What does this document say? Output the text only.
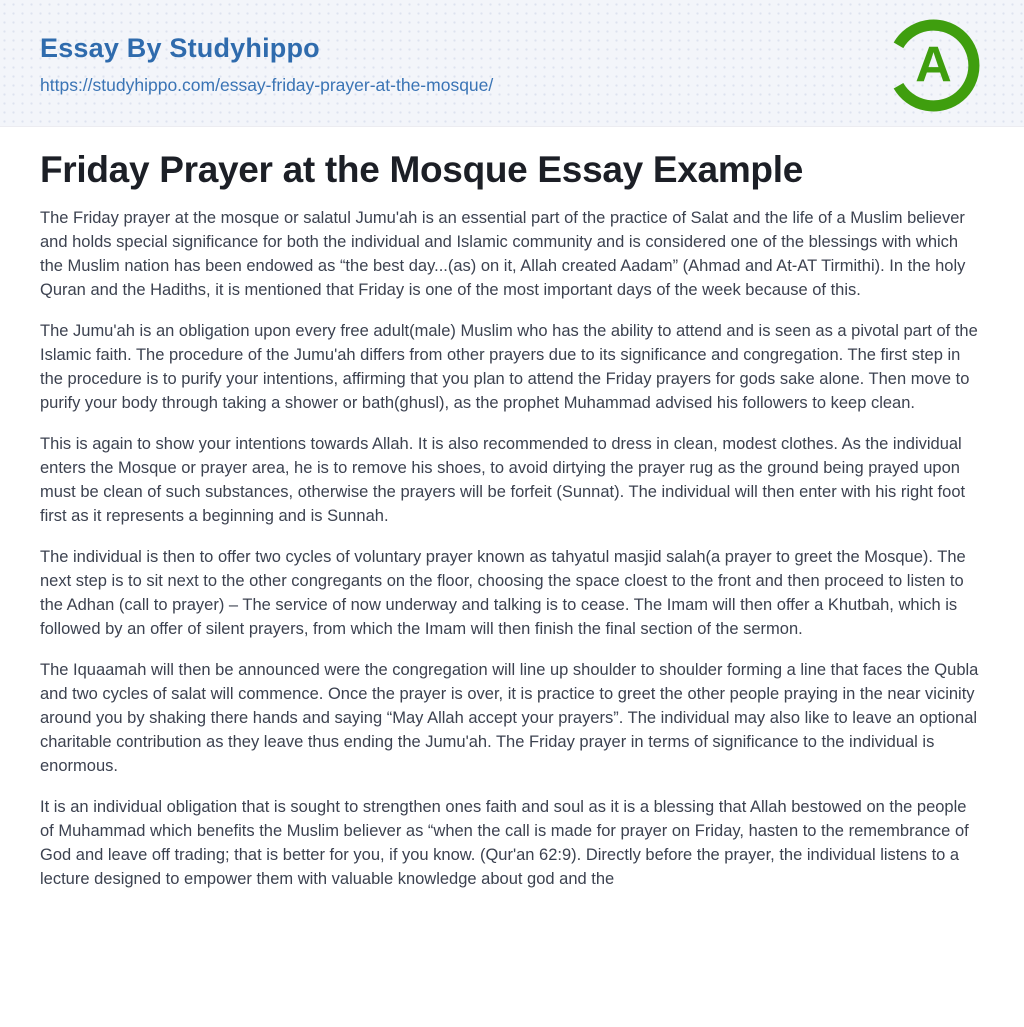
Essay By Studyhippo
https://studyhippo.com/essay-friday-prayer-at-the-mosque/	A
Friday Prayer at the Mosque Essay Example

The Friday prayer at the mosque or salatul Jumu'ah is an essential part of the practice of Salat and the life of a Muslim believer and holds special significance for both the individual and Islamic community and is considered one of the blessings with which the Muslim nation has been endowed as “the best day...(as) on it, Allah created Aadam” (Ahmad and At-AT Tirmithi). In the holy Quran and the Hadiths, it is mentioned that Friday is one of the most important days of the week because of this.

The Jumu'ah is an obligation upon every free adult(male) Muslim who has the ability to attend and is seen as a pivotal part of the Islamic faith. The procedure of the Jumu'ah differs from other prayers due to its significance and congregation. The first step in the procedure is to purify your intentions, affirming that you plan to attend the Friday prayers for gods sake alone. Then move to purify your body through taking a shower or bath(ghusl), as the prophet Muhammad advised his followers to keep clean.

This is again to show your intentions towards Allah. It is also recommended to dress in clean, modest clothes. As the individual enters the Mosque or prayer area, he is to remove his shoes, to avoid dirtying the prayer rug as the ground being prayed upon must be clean of such substances, otherwise the prayers will be forfeit (Sunnat). The individual will then enter with his right foot first as it represents a beginning and is Sunnah.

The individual is then to offer two cycles of voluntary prayer known as tahyatul masjid salah(a prayer to greet the Mosque). The next step is to sit next to the other congregants on the floor, choosing the space cloest to the front and then proceed to listen to the Adhan (call to prayer) – The service of now underway and talking is to cease. The Imam will then offer a Khutbah, which is followed by an offer of silent prayers, from which the Imam will then finish the final section of the sermon.

The Iquaamah will then be announced were the congregation will line up shoulder to shoulder forming a line that faces the Qubla and two cycles of salat will commence. Once the prayer is over, it is practice to greet the other people praying in the near vicinity around you by shaking there hands and saying “May Allah accept your prayers”. The individual may also like to leave an optional charitable contribution as they leave thus ending the Jumu'ah. The Friday prayer in terms of significance to the individual is enormous.

It is an individual obligation that is sought to strengthen ones faith and soul as it is a blessing that Allah bestowed on the people of Muhammad which benefits the Muslim believer as “when the call is made for prayer on Friday, hasten to the remembrance of God and leave off trading; that is better for you, if you know. (Qur'an 62:9). Directly before the prayer, the individual listens to a lecture designed to empower them with valuable knowledge about god and the
